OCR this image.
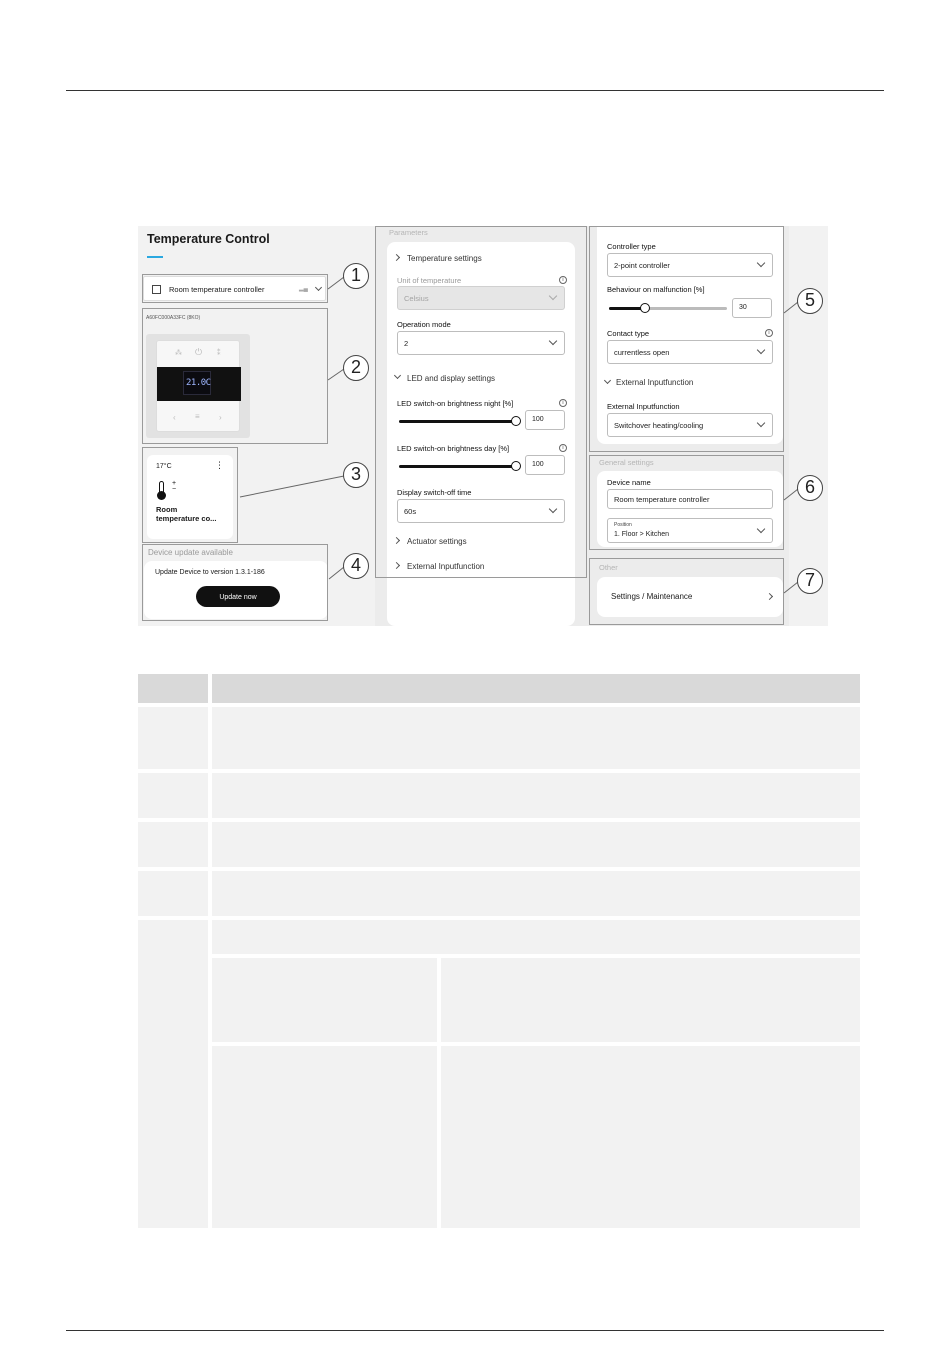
Temperature Control
Room temperature controller	▂▄
A60FC000A33FC (8KO)
⁂ ⏻ ⁑
21.0C
‹ ≡ ›
17°C	⋮
+
−
Room
temperature co...
Device update available
Update Device to version 1.3.1-186
Update now
Parameters
Temperature settings
Unit of temperature	i
Celsius
Operation mode
2
LED and display settings
LED switch-on brightness night [%]	i
100
LED switch-on brightness day [%]	i
100
Display switch-off time
60s
Actuator settings
External Inputfunction
Controller type
2-point controller
Behaviour on malfunction [%]
30
Contact type	i
currentless open
External Inputfunction
External Inputfunction
Switchover heating/cooling
General settings
Device name
Room temperature controller
Position
1. Floor > Kitchen
Other
Settings / Maintenance
1
2
3
4
5
6
7
